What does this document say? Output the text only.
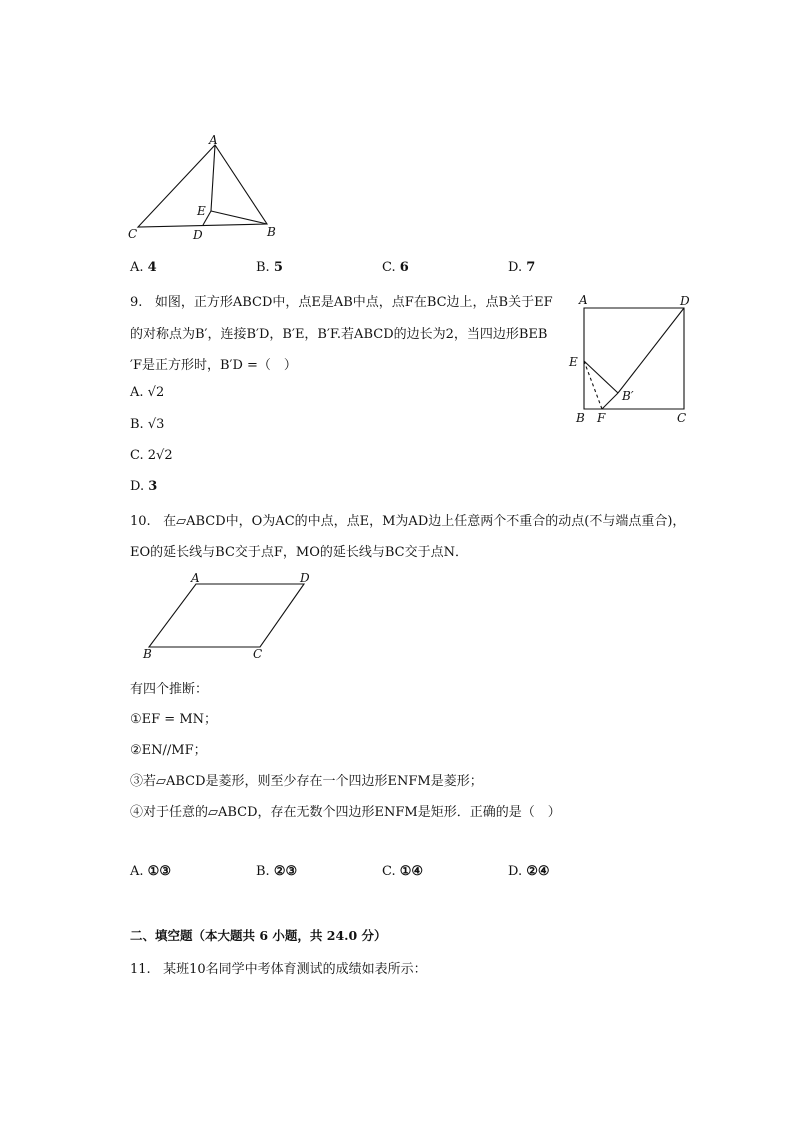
A
E
C	D	B
A. 4	B. 5	C. 6	D. 7
9. 如图，正方形ABCD中，点E是AB中点，点F在BC边上，点B关于EF
的对称点为B′，连接B′D，B′E，B′F.若ABCD的边长为2，当四边形BEB
′F是正方形时，B′D =（　）
A. √2
B. √3
C. 2√2
D. 3
A	D
E
B′
B F	C
10. 在▱ABCD中，O为AC的中点，点E，M为AD边上任意两个不重合的动点(不与端点重合)，
EO的延长线与BC交于点F，MO的延长线与BC交于点N．
A	D
B	C
有四个推断：
①EF = MN；
②EN//MF；
③若▱ABCD是菱形，则至少存在一个四边形ENFM是菱形；
④对于任意的▱ABCD，存在无数个四边形ENFM是矩形．正确的是（　）
A. ①③	B. ②③	C. ①④	D. ②④
二、填空题（本大题共 6 小题，共 24.0 分）
11. 某班10名同学中考体育测试的成绩如表所示：
